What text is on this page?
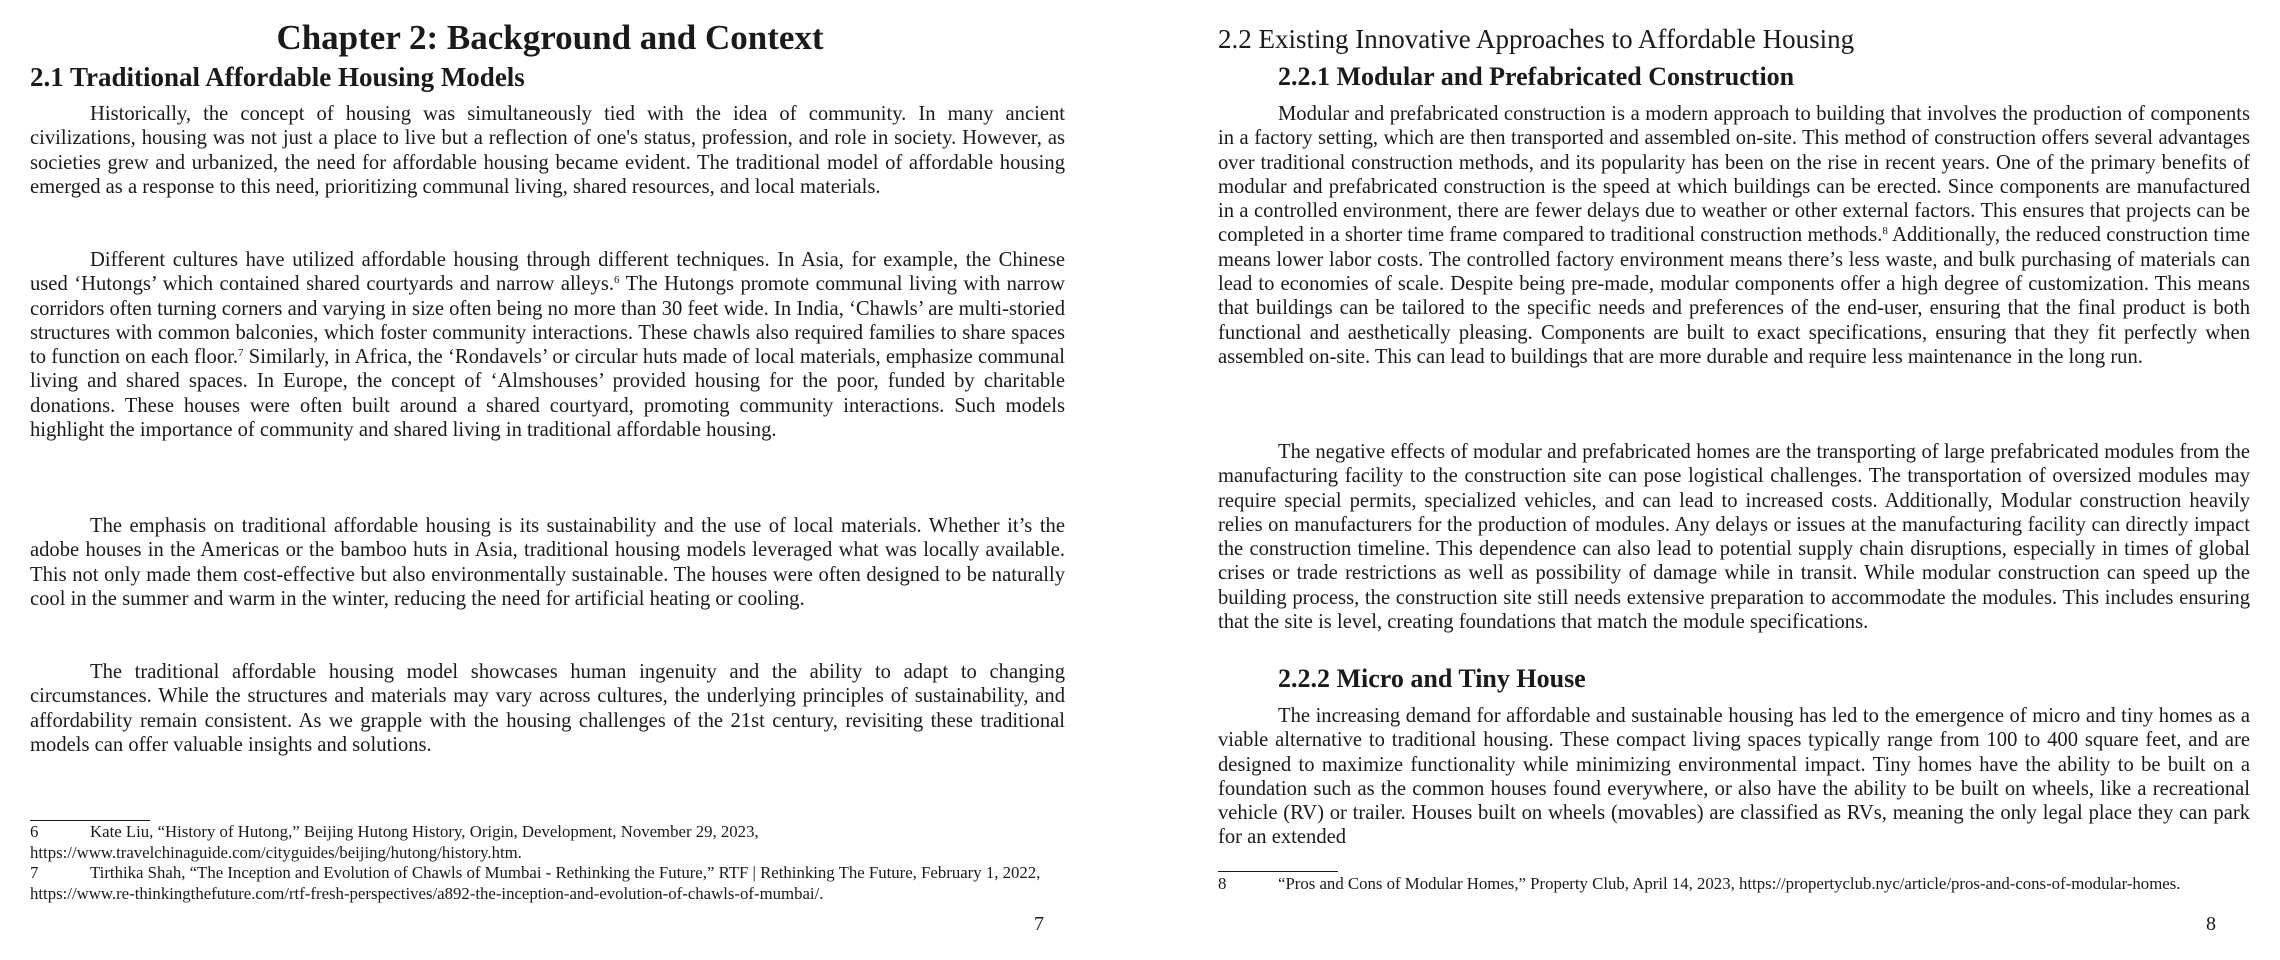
Chapter 2: Background and Context
2.1 Traditional Affordable Housing Models

Historically, the concept of housing was simultaneously tied with the idea of community. In many ancient civilizations, housing was not just a place to live but a reflection of one's status, profession, and role in society. However, as societies grew and urbanized, the need for affordable housing became evident. The traditional model of affordable housing emerged as a response to this need, prioritizing communal living, shared resources, and local materials.

Different cultures have utilized affordable housing through different techniques. In Asia, for example, the Chinese used ‘Hutongs’ which contained shared courtyards and narrow alleys.$^6$ The Hutongs promote communal living with narrow corridors often turning corners and varying in size often being no more than 30 feet wide. In India, ‘Chawls’ are multi-storied structures with common balconies, which foster community interactions. These chawls also required families to share spaces to function on each floor.$^7$ Similarly, in Africa, the ‘Rondavels’ or circular huts made of local materials, emphasize communal living and shared spaces. In Europe, the concept of ‘Almshouses’ provided housing for the poor, funded by charitable donations. These houses were often built around a shared courtyard, promoting community interactions. Such models highlight the importance of community and shared living in traditional affordable housing.

The emphasis on traditional affordable housing is its sustainability and the use of local materials. Whether it’s the adobe houses in the Americas or the bamboo huts in Asia, traditional housing models leveraged what was locally available. This not only made them cost-effective but also environmentally sustainable. The houses were often designed to be naturally cool in the summer and warm in the winter, reducing the need for artificial heating or cooling.

The traditional affordable housing model showcases human ingenuity and the ability to adapt to changing circumstances. While the structures and materials may vary across cultures, the underlying principles of sustainability, and affordability remain consistent. As we grapple with the housing challenges of the 21st century, revisiting these traditional models can offer valuable insights and solutions.

6	Kate Liu, “History of Hutong,” Beijing Hutong History, Origin, Development, November 29, 2023, https://www.travelchinaguide.com/cityguides/beijing/hutong/history.htm.

7	Tirthika Shah, “The Inception and Evolution of Chawls of Mumbai - Rethinking the Future,” RTF | Rethinking The Future, February 1, 2022, https://www.re-thinkingthefuture.com/rtf-fresh-perspectives/a892-the-inception-and-evolution-of-chawls-of-mumbai/.

7
2.2 Existing Innovative Approaches to Affordable Housing
2.2.1 Modular and Prefabricated Construction

Modular and prefabricated construction is a modern approach to building that involves the production of components in a factory setting, which are then transported and assembled on-site. This method of construction offers several advantages over traditional construction methods, and its popularity has been on the rise in recent years. One of the primary benefits of modular and prefabricated construction is the speed at which buildings can be erected. Since components are manufactured in a controlled environment, there are fewer delays due to weather or other external factors. This ensures that projects can be completed in a shorter time frame compared to traditional construction methods.$^8$ Additionally, the reduced construction time means lower labor costs. The controlled factory environment means there’s less waste, and bulk purchasing of materials can lead to economies of scale. Despite being pre-made, modular components offer a high degree of customization. This means that buildings can be tailored to the specific needs and preferences of the end-user, ensuring that the final product is both functional and aesthetically pleasing. Components are built to exact specifications, ensuring that they fit perfectly when assembled on-site. This can lead to buildings that are more durable and require less maintenance in the long run.

The negative effects of modular and prefabricated homes are the transporting of large prefabricated modules from the manufacturing facility to the construction site can pose logistical challenges. The transportation of oversized modules may require special permits, specialized vehicles, and can lead to increased costs. Additionally, Modular construction heavily relies on manufacturers for the production of modules. Any delays or issues at the manufacturing facility can directly impact the construction timeline. This dependence can also lead to potential supply chain disruptions, especially in times of global crises or trade restrictions as well as possibility of damage while in transit. While modular construction can speed up the building process, the construction site still needs extensive preparation to accommodate the modules. This includes ensuring that the site is level, creating foundations that match the module specifications.

2.2.2 Micro and Tiny House

The increasing demand for affordable and sustainable housing has led to the emergence of micro and tiny homes as a viable alternative to traditional housing. These compact living spaces typically range from 100 to 400 square feet, and are designed to maximize functionality while minimizing environmental impact. Tiny homes have the ability to be built on a foundation such as the common houses found everywhere, or also have the ability to be built on wheels, like a recreational vehicle (RV) or trailer. Houses built on wheels (movables) are classified as RVs, meaning the only legal place they can park for an extended

8	“Pros and Cons of Modular Homes,” Property Club, April 14, 2023, https://propertyclub.nyc/article/pros-and-cons-of-modular-homes.

8
